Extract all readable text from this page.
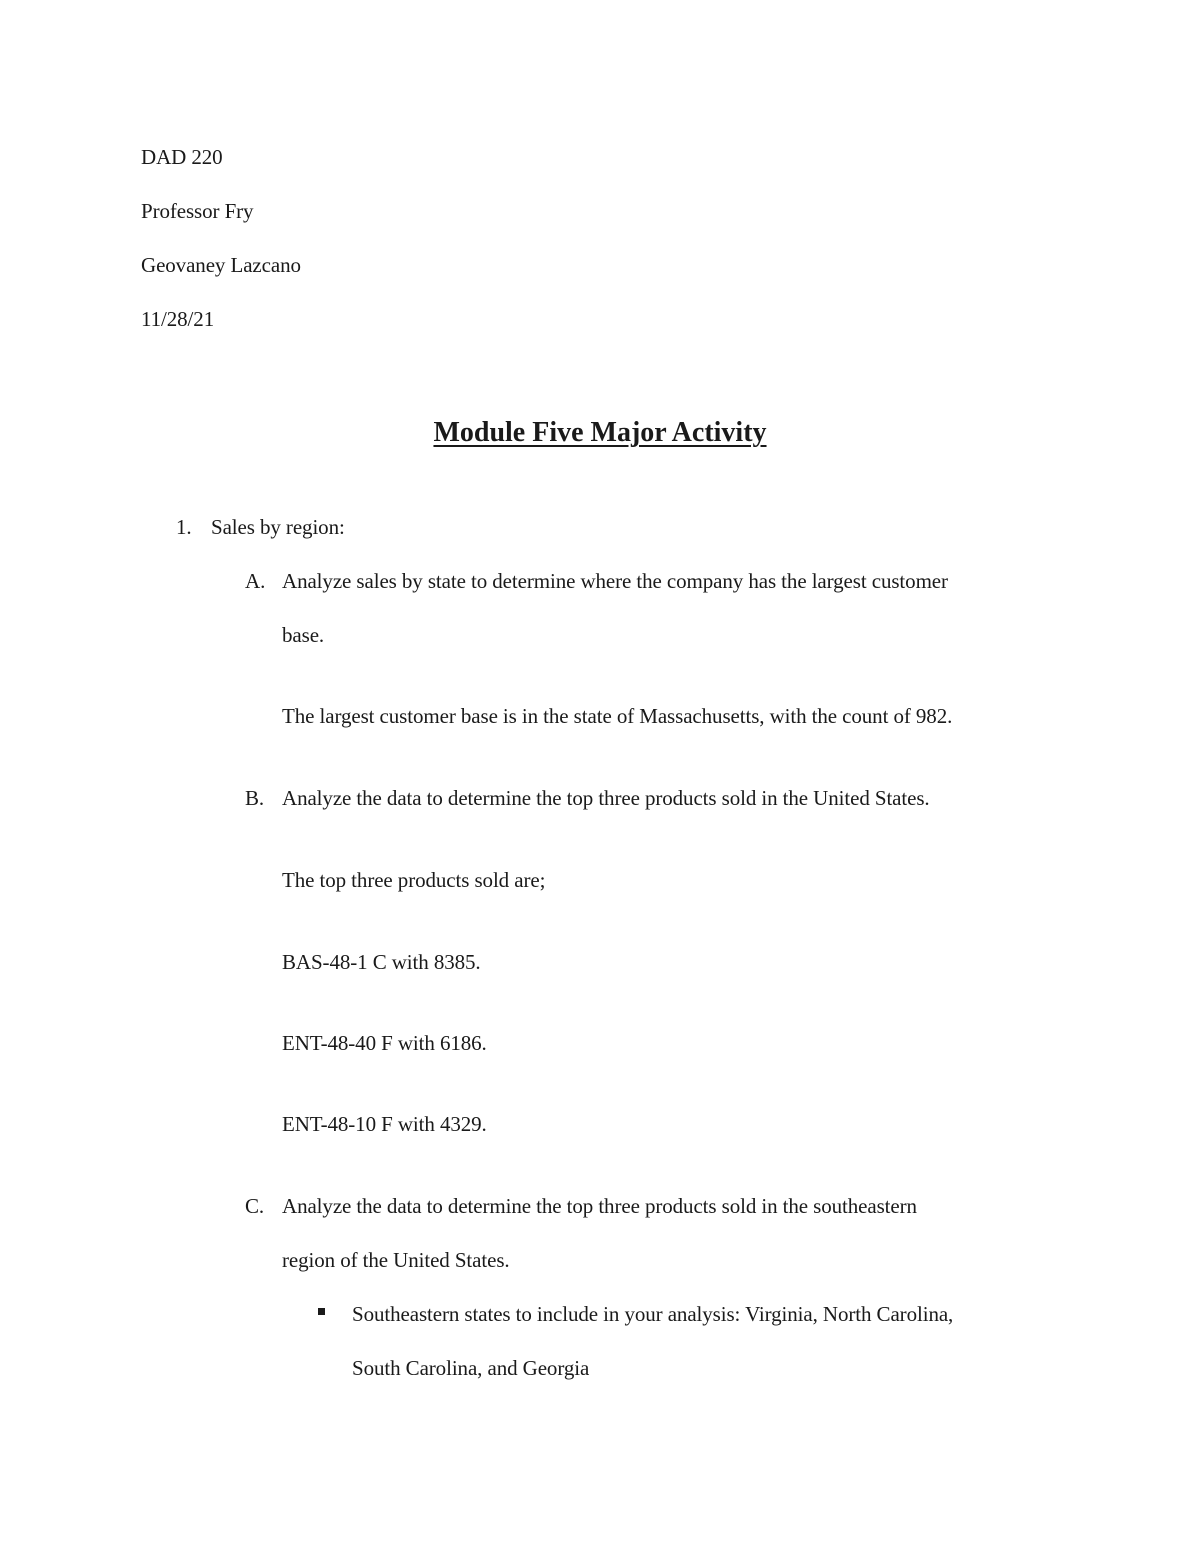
DAD 220
Professor Fry
Geovaney Lazcano
11/28/21
Module Five Major Activity
1. Sales by region:
A. Analyze sales by state to determine where the company has the largest customer
base.
The largest customer base is in the state of Massachusetts, with the count of 982.
B. Analyze the data to determine the top three products sold in the United States.
The top three products sold are;
BAS-48-1 C with 8385.
ENT-48-40 F with 6186.
ENT-48-10 F with 4329.
C. Analyze the data to determine the top three products sold in the southeastern
region of the United States.
Southeastern states to include in your analysis: Virginia, North Carolina,
South Carolina, and Georgia
